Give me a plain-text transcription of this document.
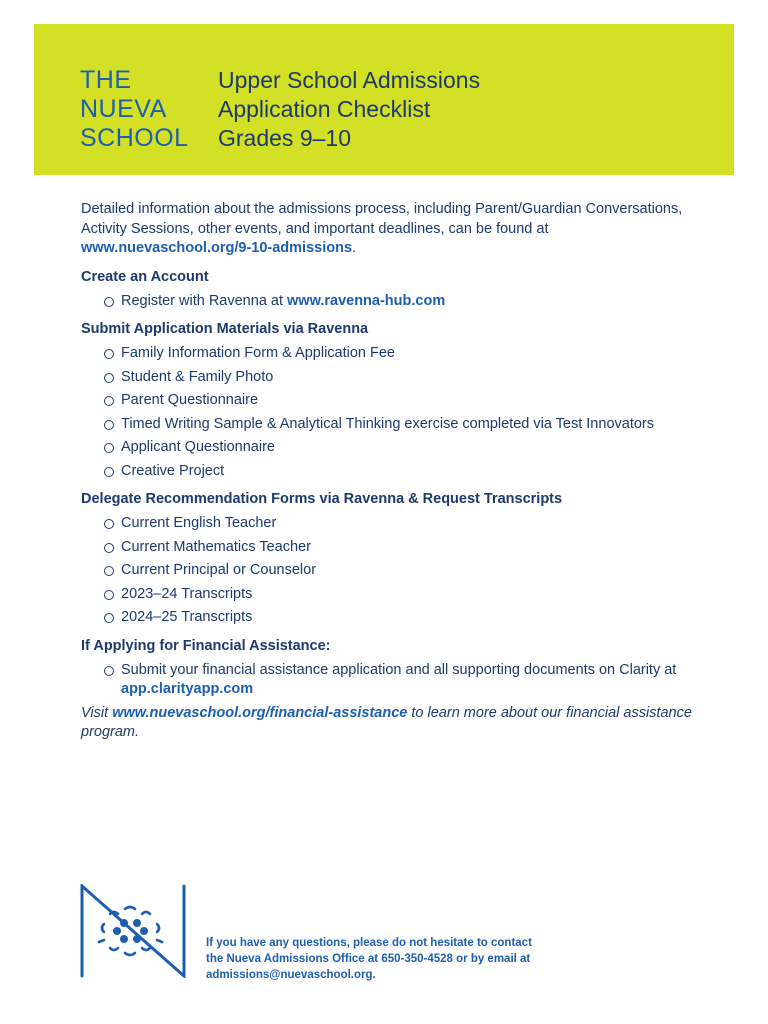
THE
NUEVA
SCHOOL
Upper School Admissions
Application Checklist
Grades 9–10

Detailed information about the admissions process, including Parent/Guardian Conversations, Activity Sessions, other events, and important deadlines, can be found at www.nuevaschool.org/9-10-admissions.

Create an Account
Register with Ravenna at www.ravenna-hub.com
Submit Application Materials via Ravenna
Family Information Form & Application Fee
Student & Family Photo
Parent Questionnaire
Timed Writing Sample & Analytical Thinking exercise completed via Test Innovators
Applicant Questionnaire
Creative Project
Delegate Recommendation Forms via Ravenna & Request Transcripts
Current English Teacher
Current Mathematics Teacher
Current Principal or Counselor
2023–24 Transcripts
2024–25 Transcripts
If Applying for Financial Assistance:
Submit your financial assistance application and all supporting documents on Clarity at app.clarityapp.com

Visit www.nuevaschool.org/financial-assistance to learn more about our financial assistance program.

If you have any questions, please do not hesitate to contact
the Nueva Admissions Office at 650-350-4528 or by email at
admissions@nuevaschool.org.
